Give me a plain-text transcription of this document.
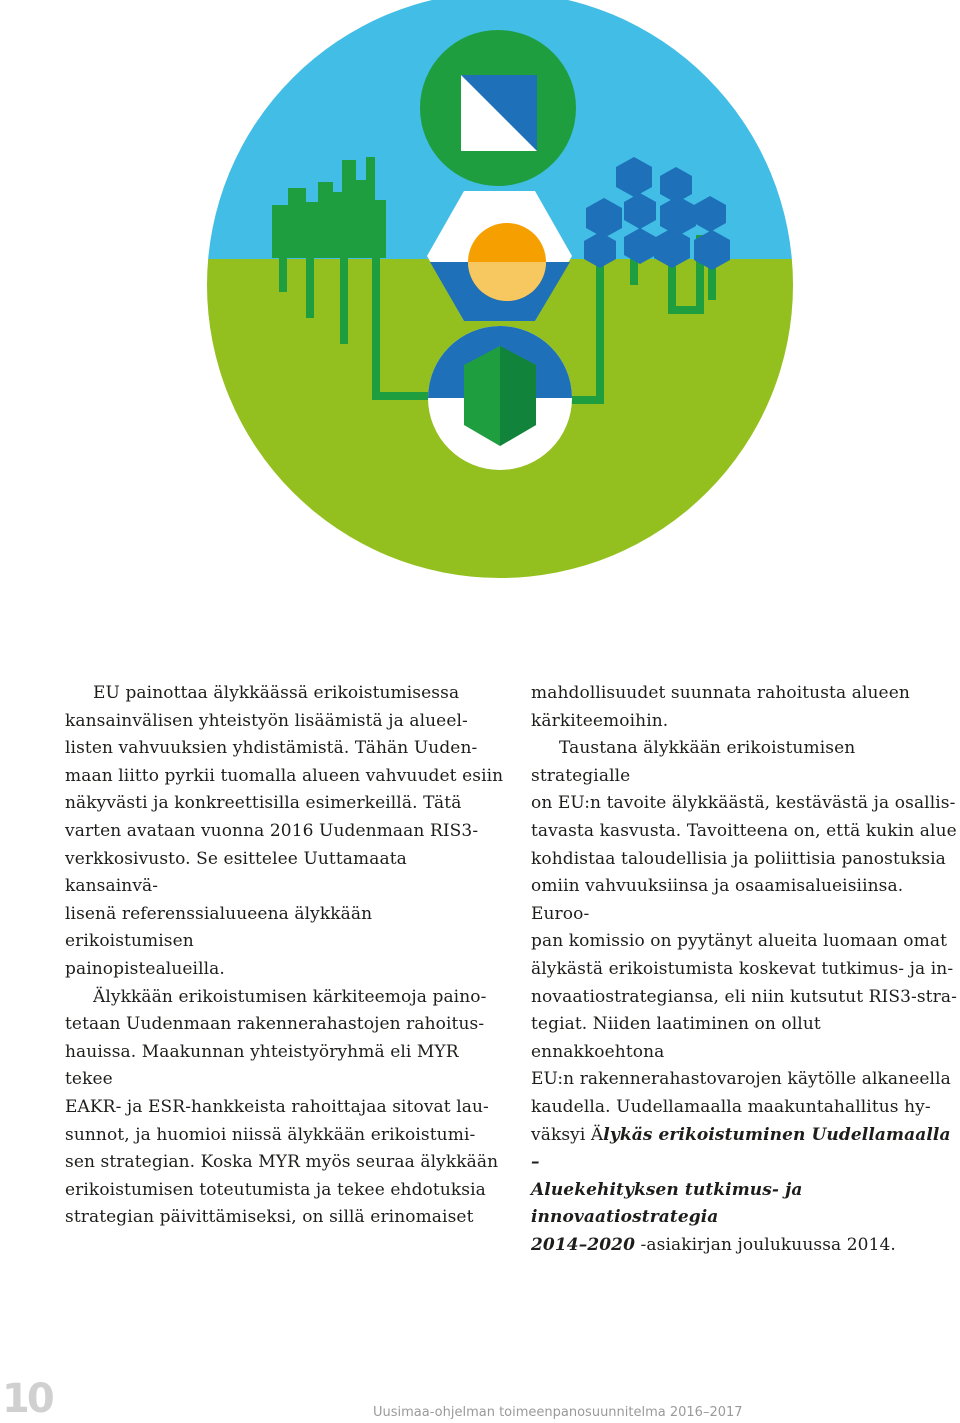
EU painottaa älykkäässä erikoistumisessa
kansainvälisen yhteistyön lisäämistä ja alueel-
listen vahvuuksien yhdistämistä. Tähän Uuden-
maan liitto pyrkii tuomalla alueen vahvuudet esiin
näkyvästi ja konkreettisilla esimerkeillä. Tätä
varten avataan vuonna 2016 Uudenmaan RIS3-
verkkosivusto. Se esittelee Uuttamaata kansainvä-
lisenä referenssialuueena älykkään erikoistumisen
painopistealueilla.

Älykkään erikoistumisen kärkiteemoja paino-
tetaan Uudenmaan rakennerahastojen rahoitus-
hauissa. Maakunnan yhteistyöryhmä eli MYR tekee
EAKR- ja ESR-hankkeista rahoittajaa sitovat lau-
sunnot, ja huomioi niissä älykkään erikoistumi-
sen strategian. Koska MYR myös seuraa älykkään
erikoistumisen toteutumista ja tekee ehdotuksia
strategian päivittämiseksi, on sillä erinomaiset

mahdollisuudet suunnata rahoitusta alueen
kärkiteemoihin.

Taustana älykkään erikoistumisen strategialle
on EU:n tavoite älykkäästä, kestävästä ja osallis-
tavasta kasvusta. Tavoitteena on, että kukin alue
kohdistaa taloudellisia ja poliittisia panostuksia
omiin vahvuuksiinsa ja osaamisalueisiinsa. Euroo-
pan komissio on pyytänyt alueita luomaan omat
älykästä erikoistumista koskevat tutkimus- ja in-
novaatiostrategiansa, eli niin kutsutut RIS3-stra-
tegiat. Niiden laatiminen on ollut ennakkoehtona
EU:n rakennerahastovarojen käytölle alkaneella
kaudella. Uudellamaalla maakuntahallitus hy-
väksyi Älykäs erikoistuminen Uudellamaalla –
Aluekehityksen tutkimus- ja innovaatiostrategia
2014–2020 -asiakirjan joulukuussa 2014.

10	Uusimaa-ohjelman toimeenpanosuunnitelma 2016–2017
